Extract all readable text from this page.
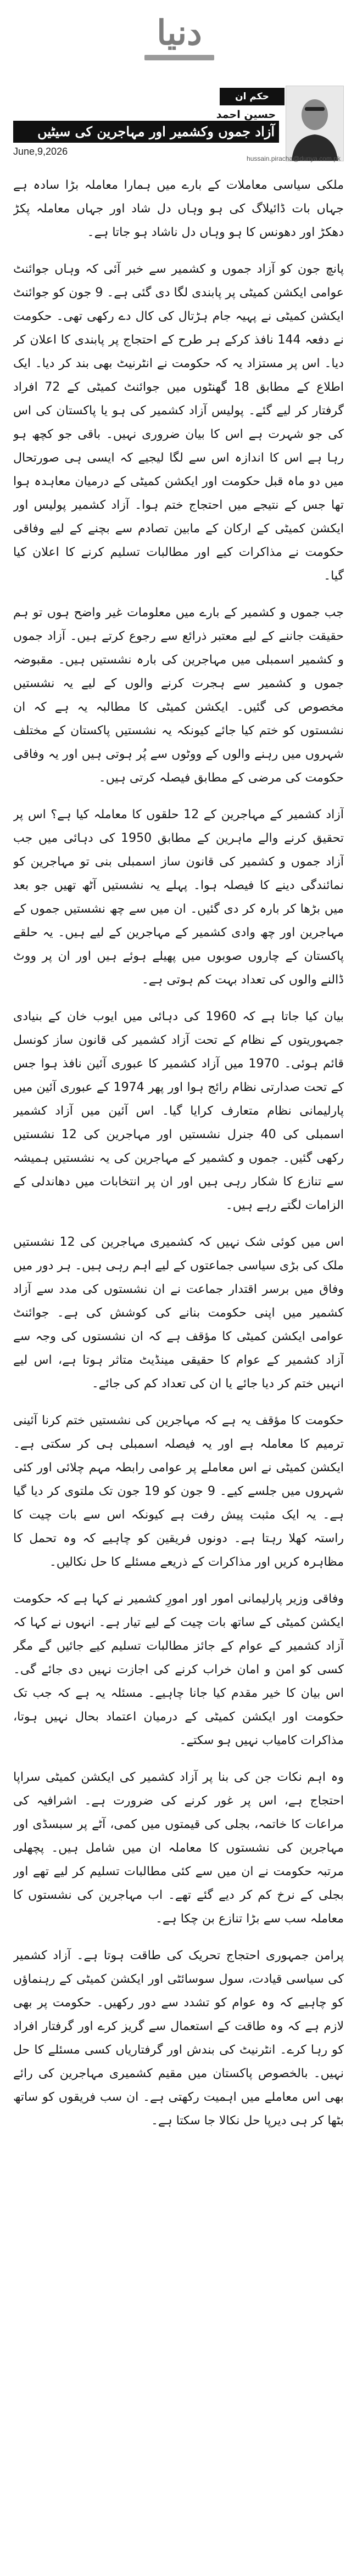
دنیا
حکم ان
حسین احمد
آزاد جموں وکشمیر اور مہاجرین کی سیٹیں
June,9,2026
hussain.piracha@dunya.com.pk

ملکی سیاسی معاملات کے بارے میں ہمارا معاملہ بڑا سادہ ہے جہاں بات ڈائیلاگ کی ہو وہاں دل شاد اور جہاں معاملہ پکڑ دھکڑ اور دھونس کا ہو وہاں دل ناشاد ہو جاتا ہے۔

پانچ جون کو آزاد جموں و کشمیر سے خبر آئی کہ وہاں جوائنٹ عوامی ایکشن کمیٹی پر پابندی لگا دی گئی ہے۔ 9 جون کو جوائنٹ ایکشن کمیٹی نے پہیہ جام ہڑتال کی کال دے رکھی تھی۔ حکومت نے دفعہ 144 نافذ کرکے ہر طرح کے احتجاج پر پابندی کا اعلان کر دیا۔ اس پر مستزاد یہ کہ حکومت نے انٹرنیٹ بھی بند کر دیا۔ ایک اطلاع کے مطابق 18 گھنٹوں میں جوائنٹ کمیٹی کے 72 افراد گرفتار کر لیے گئے۔ پولیس آزاد کشمیر کی ہو یا پاکستان کی اس کی جو شہرت ہے اس کا بیان ضروری نہیں۔ باقی جو کچھ ہو رہا ہے اس کا اندازہ اس سے لگا لیجیے کہ ایسی ہی صورتحال میں دو ماہ قبل حکومت اور ایکشن کمیٹی کے درمیان معاہدہ ہوا تھا جس کے نتیجے میں احتجاج ختم ہوا۔ آزاد کشمیر پولیس اور ایکشن کمیٹی کے ارکان کے مابین تصادم سے بچنے کے لیے وفاقی حکومت نے مذاکرات کیے اور مطالبات تسلیم کرنے کا اعلان کیا گیا۔

جب جموں و کشمیر کے بارے میں معلومات غیر واضح ہوں تو ہم حقیقت جاننے کے لیے معتبر ذرائع سے رجوع کرتے ہیں۔ آزاد جموں و کشمیر اسمبلی میں مہاجرین کی بارہ نشستیں ہیں۔ مقبوضہ جموں و کشمیر سے ہجرت کرنے والوں کے لیے یہ نشستیں مخصوص کی گئیں۔ ایکشن کمیٹی کا مطالبہ یہ ہے کہ ان نشستوں کو ختم کیا جائے کیونکہ یہ نشستیں پاکستان کے مختلف شہروں میں رہنے والوں کے ووٹوں سے پُر ہوتی ہیں اور یہ وفاقی حکومت کی مرضی کے مطابق فیصلہ کرتی ہیں۔

آزاد کشمیر کے مہاجرین کے 12 حلقوں کا معاملہ کیا ہے؟ اس پر تحقیق کرنے والے ماہرین کے مطابق 1950 کی دہائی میں جب آزاد جموں و کشمیر کی قانون ساز اسمبلی بنی تو مہاجرین کو نمائندگی دینے کا فیصلہ ہوا۔ پہلے یہ نشستیں آٹھ تھیں جو بعد میں بڑھا کر بارہ کر دی گئیں۔ ان میں سے چھ نشستیں جموں کے مہاجرین اور چھ وادی کشمیر کے مہاجرین کے لیے ہیں۔ یہ حلقے پاکستان کے چاروں صوبوں میں پھیلے ہوئے ہیں اور ان پر ووٹ ڈالنے والوں کی تعداد بہت کم ہوتی ہے۔

بیان کیا جاتا ہے کہ 1960 کی دہائی میں ایوب خان کے بنیادی جمہوریتوں کے نظام کے تحت آزاد کشمیر کی قانون ساز کونسل قائم ہوئی۔ 1970 میں آزاد کشمیر کا عبوری آئین نافذ ہوا جس کے تحت صدارتی نظام رائج ہوا اور پھر 1974 کے عبوری آئین میں پارلیمانی نظام متعارف کرایا گیا۔ اس آئین میں آزاد کشمیر اسمبلی کی 40 جنرل نشستیں اور مہاجرین کی 12 نشستیں رکھی گئیں۔ جموں و کشمیر کے مہاجرین کی یہ نشستیں ہمیشہ سے تنازع کا شکار رہی ہیں اور ان پر انتخابات میں دھاندلی کے الزامات لگتے رہے ہیں۔

اس میں کوئی شک نہیں کہ کشمیری مہاجرین کی 12 نشستیں ملک کی بڑی سیاسی جماعتوں کے لیے اہم رہی ہیں۔ ہر دور میں وفاق میں برسر اقتدار جماعت نے ان نشستوں کی مدد سے آزاد کشمیر میں اپنی حکومت بنانے کی کوشش کی ہے۔ جوائنٹ عوامی ایکشن کمیٹی کا مؤقف ہے کہ ان نشستوں کی وجہ سے آزاد کشمیر کے عوام کا حقیقی مینڈیٹ متاثر ہوتا ہے، اس لیے انہیں ختم کر دیا جائے یا ان کی تعداد کم کی جائے۔

حکومت کا مؤقف یہ ہے کہ مہاجرین کی نشستیں ختم کرنا آئینی ترمیم کا معاملہ ہے اور یہ فیصلہ اسمبلی ہی کر سکتی ہے۔ ایکشن کمیٹی نے اس معاملے پر عوامی رابطہ مہم چلائی اور کئی شہروں میں جلسے کیے۔ 9 جون کو 19 جون تک ملتوی کر دیا گیا ہے۔ یہ ایک مثبت پیش رفت ہے کیونکہ اس سے بات چیت کا راستہ کھلا رہتا ہے۔ دونوں فریقین کو چاہیے کہ وہ تحمل کا مظاہرہ کریں اور مذاکرات کے ذریعے مسئلے کا حل نکالیں۔

وفاقی وزیر پارلیمانی امور اور امورِ کشمیر نے کہا ہے کہ حکومت ایکشن کمیٹی کے ساتھ بات چیت کے لیے تیار ہے۔ انہوں نے کہا کہ آزاد کشمیر کے عوام کے جائز مطالبات تسلیم کیے جائیں گے مگر کسی کو امن و امان خراب کرنے کی اجازت نہیں دی جائے گی۔ اس بیان کا خیر مقدم کیا جانا چاہیے۔ مسئلہ یہ ہے کہ جب تک حکومت اور ایکشن کمیٹی کے درمیان اعتماد بحال نہیں ہوتا، مذاکرات کامیاب نہیں ہو سکتے۔

وہ اہم نکات جن کی بنا پر آزاد کشمیر کی ایکشن کمیٹی سراپا احتجاج ہے، اس پر غور کرنے کی ضرورت ہے۔ اشرافیہ کی مراعات کا خاتمہ، بجلی کی قیمتوں میں کمی، آٹے پر سبسڈی اور مہاجرین کی نشستوں کا معاملہ ان میں شامل ہیں۔ پچھلی مرتبہ حکومت نے ان میں سے کئی مطالبات تسلیم کر لیے تھے اور بجلی کے نرخ کم کر دیے گئے تھے۔ اب مہاجرین کی نشستوں کا معاملہ سب سے بڑا تنازع بن چکا ہے۔

پرامن جمہوری احتجاج تحریک کی طاقت ہوتا ہے۔ آزاد کشمیر کی سیاسی قیادت، سول سوسائٹی اور ایکشن کمیٹی کے رہنماؤں کو چاہیے کہ وہ عوام کو تشدد سے دور رکھیں۔ حکومت پر بھی لازم ہے کہ وہ طاقت کے استعمال سے گریز کرے اور گرفتار افراد کو رہا کرے۔ انٹرنیٹ کی بندش اور گرفتاریاں کسی مسئلے کا حل نہیں۔ بالخصوص پاکستان میں مقیم کشمیری مہاجرین کی رائے بھی اس معاملے میں اہمیت رکھتی ہے۔ ان سب فریقوں کو ساتھ بٹھا کر ہی دیرپا حل نکالا جا سکتا ہے۔
